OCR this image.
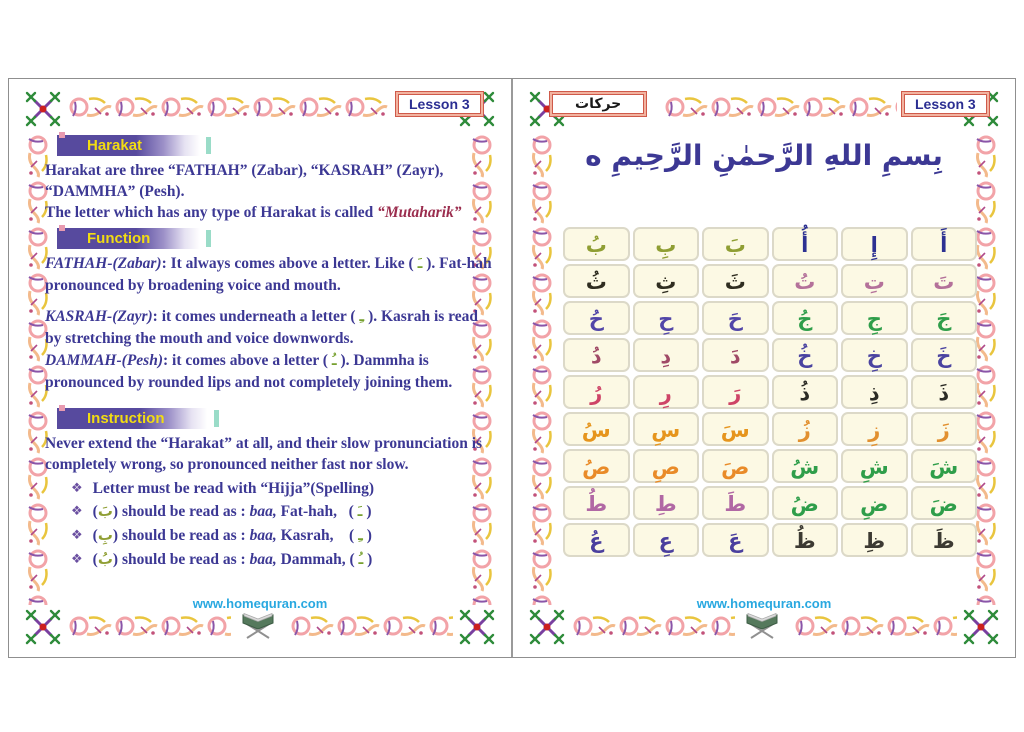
Lesson 3
Harakat
Harakat are three “FATHAH” (Zabar), “KASRAH” (Zayr),
“DAMMHA” (Pesh).
The letter which has any type of Harakat is called “Mutaharik”
Function
FATHAH-(Zabar): It always comes above a letter. Like ( ـَ ). Fat-hah pronounced by broadening voice and mouth.
KASRAH-(Zayr): it comes underneath a letter ( ـِ ). Kasrah is read by stretching the mouth and voice downwords.
DAMMAH-(Pesh): it comes above a letter ( ـُ ). Dammha is pronounced by rounded lips and not completely joining them.
Instruction
Never extend the “Harakat” at all, and their slow pronunciation is completely wrong, so pronounced neither fast nor slow.
❖ Letter must be read with “Hijja”(Spelling)
❖ (بَ) should be read as : baa, Fat-hah,   ( ـَ )
❖ (بِ) should be read as : baa, Kasrah,    ( ـِ )
❖ (بُ) should be read as : baa, Dammah, ( ـُ )
www.homequran.com
حركات	Lesson 3
بِسمِ اللهِ الرَّحمٰنِ الرَّحِيمِ ه
أَ
إِ
أُ
بَ
بِ
بُ
تَ
تِ
تُ
ثَ
ثِ
ثُ
جَ
جِ
جُ
حَ
حِ
حُ
خَ
خِ
خُ
دَ
دِ
دُ
ذَ
ذِ
ذُ
رَ
رِ
رُ
زَ
زِ
زُ
سَ
سِ
سُ
شَ
شِ
شُ
صَ
صِ
صُ
ضَ
ضِ
ضُ
طَ
طِ
طُ
ظَ
ظِ
ظُ
عَ
عِ
عُ
www.homequran.com
